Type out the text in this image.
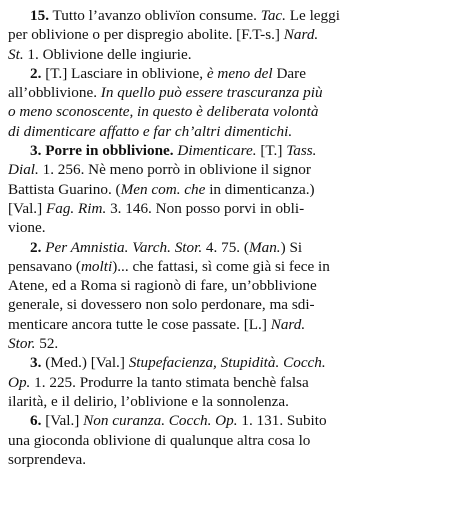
15. Tutto l’avanzo oblivïon consume. Tac. Le leggi
per oblivione o per dispregio abolite. [F.T-s.] Nard.
St. 1. Oblivione delle ingiurie.
2. [T.] Lasciare in oblivione, è meno del Dare
all’obblivione. In quello può essere trascuranza più
o meno sconoscente, in questo è deliberata volontà
di dimenticare affatto e far ch’altri dimentichi.
3. Porre in obblivione. Dimenticare. [T.] Tass.
Dial. 1. 256. Nè meno porrò in oblivione il signor
Battista Guarino. (Men com. che in dimenticanza.)
[Val.] Fag. Rim. 3. 146. Non posso porvi in obli-
vione.
2. Per Amnistia. Varch. Stor. 4. 75. (Man.) Si
pensavano (molti)... che fattasi, sì come già si fece in
Atene, ed a Roma si ragionò di fare, un’obblivione
generale, si dovessero non solo perdonare, ma sdi-
menticare ancora tutte le cose passate. [L.] Nard.
Stor. 52.
3. (Med.) [Val.] Stupefacienza, Stupidità. Cocch.
Op. 1. 225. Produrre la tanto stimata benchè falsa
ilarità, e il delirio, l’oblivione e la sonnolenza.
6. [Val.] Non curanza. Cocch. Op. 1. 131. Subito
una gioconda oblivione di qualunque altra cosa lo
sorprendeva.
